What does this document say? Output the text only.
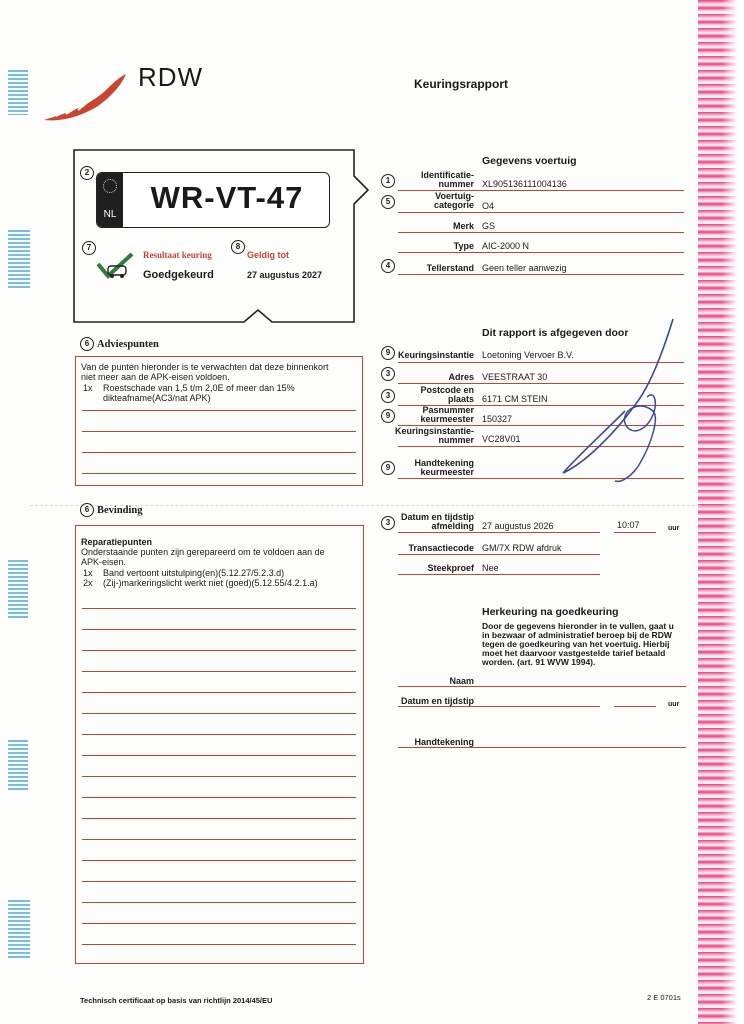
RDW	Keuringsrapport
2
NL	WR-VT-47
7
Resultaat keuring
8
Geldig tot
Goedgekeurd	27 augustus 2027
Gegevens voertuig
1
Identificatie-
nummer XL905136111004136
5
Voertuig-
categorie O4
Merk GS
Type AIC-2000 N
4	Tellerstand Geen teller aanwezig
Dit rapport is afgegeven door
9 Keuringsinstantie Loetoning Vervoer B.V.
3	Adres VEESTRAAT 30
3
Postcode en
plaats 6171 CM STEIN
9
Pasnummer
keurmeester 150327
Keuringsinstantie-
nummer VC28V01
9	Handtekening
keurmeester
6 Adviespunten
Van de punten hieronder is te verwachten dat deze binnenkort
niet meer aan de APK-eisen voldoen.
1x Roestschade van 1,5 t/m 2,0E of meer dan 15%
dikteafname(AC3/nat APK)
6 Bevinding
Reparatiepunten
Onderstaande punten zijn gerepareerd om te voldoen aan de
APK-eisen.
1x Band vertoont uitstulping(en)(5.12.27/5.2.3.d)
2x (Zij-)markeringslicht werkt niet (goed)(5.12.55/4.2.1.a)
3
Datum en tijdstip
afmelding 27 augustus 2026	10:07	uur
Transactiecode GM/7X RDW afdruk
Steekproef Nee
Herkeuring na goedkeuring
Door de gegevens hieronder in te vullen, gaat u
in bezwaar of administratief beroep bij de RDW
tegen de goedkeuring van het voertuig. Hierbij
moet het daarvoor vastgestelde tarief betaald
worden. (art. 91 WVW 1994).
Naam
Datum en tijdstip	uur
Handtekening
Technisch certificaat op basis van richtlijn 2014/45/EU	2 E 0701s
